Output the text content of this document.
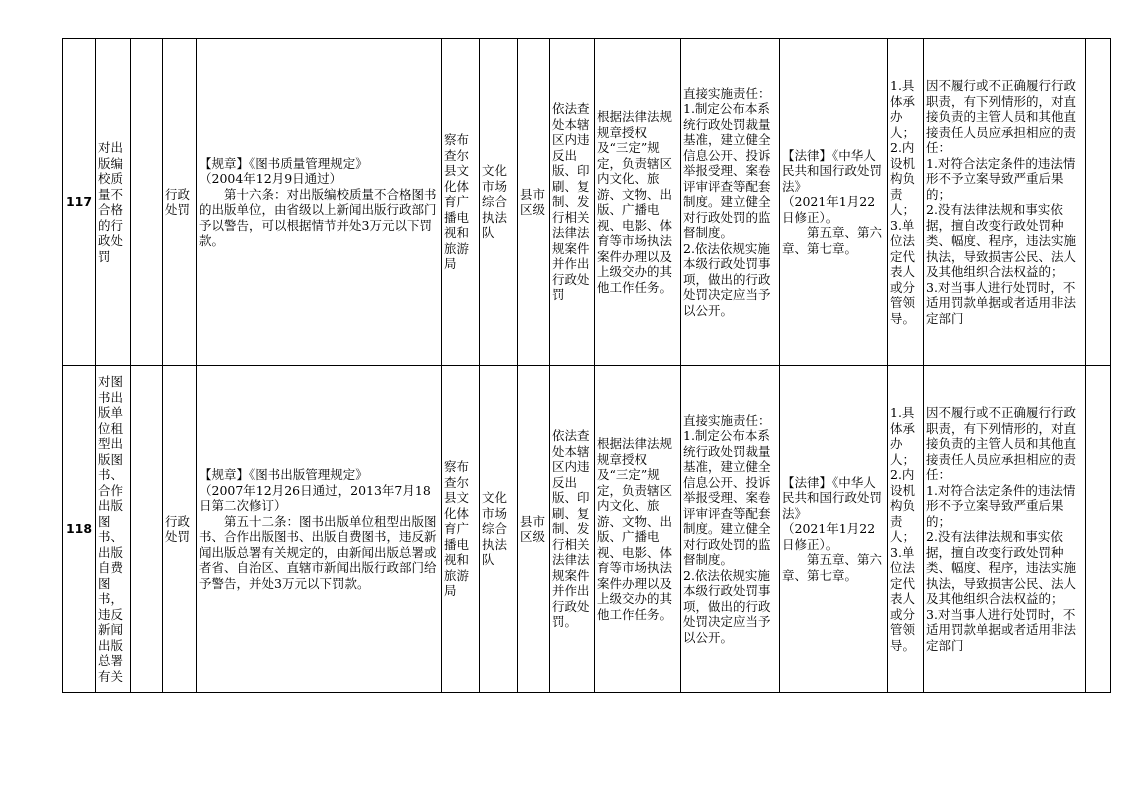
117	对出版编校质量不合格的行政处罚		行政处罚	【规章】《图书质量管理规定》
（2004年12月9日通过）
　　第十六条：对出版编校质量不合格图书的出版单位，由省级以上新闻出版行政部门予以警告，可以根据情节并处3万元以下罚款。	察布查尔县文化体育广播电视和旅游局	文化市场综合执法队	县市区级	依法查处本辖区内违反出版、印刷、复制、发行相关法律法规案件并作出行政处罚	根据法律法规规章授权及“三定”规定，负责辖区内文化、旅游、文物、出版、广播电视、电影、体育等市场执法案件办理以及上级交办的其他工作任务。	直接实施责任：
1.制定公布本系统行政处罚裁量基准，建立健全信息公开、投诉举报受理、案卷评审评查等配套制度。建立健全对行政处罚的监督制度。
2.依法依规实施本级行政处罚事项，做出的行政处罚决定应当予以公开。	【法律】《中华人民共和国行政处罚法》
（2021年1月22日修正）。
　　第五章、第六章、第七章。	1.具体承办人；
2.内设机构负责人；
3.单位法定代表人或分管领导。	因不履行或不正确履行行政职责，有下列情形的，对直接负责的主管人员和其他直接责任人员应承担相应的责任：
1.对符合法定条件的违法情形不予立案导致严重后果的；
2.没有法律法规和事实依据，擅自改变行政处罚种类、幅度、程序，违法实施执法，导致损害公民、法人及其他组织合法权益的；
3.对当事人进行处罚时，不适用罚款单据或者适用非法定部门	

118	对图书出版单位租型出版图书、合作出版图书、出版自费图书，违反新闻出版总署有关		行政处罚	【规章】《图书出版管理规定》
（2007年12月26日通过，2013年7月18日第二次修订）
　　第五十二条：图书出版单位租型出版图书、合作出版图书、出版自费图书，违反新闻出版总署有关规定的，由新闻出版总署或者省、自治区、直辖市新闻出版行政部门给予警告，并处3万元以下罚款。	察布查尔县文化体育广播电视和旅游局	文化市场综合执法队	县市区级	依法查处本辖区内违反出版、印刷、复制、发行相关法律法规案件并作出行政处罚。	根据法律法规规章授权及“三定”规定，负责辖区内文化、旅游、文物、出版、广播电视、电影、体育等市场执法案件办理以及上级交办的其他工作任务。	直接实施责任：
1.制定公布本系统行政处罚裁量基准，建立健全信息公开、投诉举报受理、案卷评审评查等配套制度。建立健全对行政处罚的监督制度。
2.依法依规实施本级行政处罚事项，做出的行政处罚决定应当予以公开。	【法律】《中华人民共和国行政处罚法》
（2021年1月22日修正）。
　　第五章、第六章、第七章。	1.具体承办人；
2.内设机构负责人；
3.单位法定代表人或分管领导。	因不履行或不正确履行行政职责，有下列情形的，对直接负责的主管人员和其他直接责任人员应承担相应的责任：
1.对符合法定条件的违法情形不予立案导致严重后果的；
2.没有法律法规和事实依据，擅自改变行政处罚种类、幅度、程序，违法实施执法，导致损害公民、法人及其他组织合法权益的；
3.对当事人进行处罚时，不适用罚款单据或者适用非法定部门	
